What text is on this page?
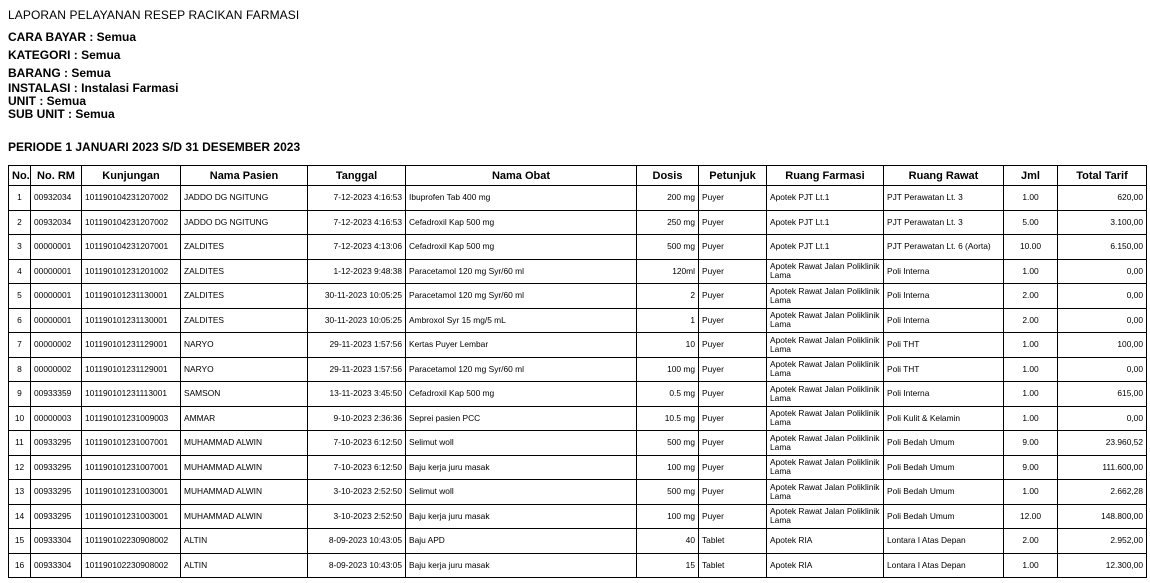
LAPORAN PELAYANAN RESEP RACIKAN FARMASI
CARA BAYAR : Semua
KATEGORI : Semua
BARANG : Semua
INSTALASI : Instalasi Farmasi
UNIT : Semua
SUB UNIT : Semua
PERIODE 1 JANUARI 2023 S/D 31 DESEMBER 2023
No.	No. RM	Kunjungan	Nama Pasien	Tanggal	Nama Obat	Dosis	Petunjuk	Ruang Farmasi	Ruang Rawat	Jml	Total Tarif
1	00932034	101190104231207002	JADDO DG NGITUNG	7-12-2023 4:16:53	Ibuprofen Tab 400 mg	200 mg	Puyer	Apotek PJT Lt.1	PJT Perawatan Lt. 3	1.00	620,00
2	00932034	101190104231207002	JADDO DG NGITUNG	7-12-2023 4:16:53	Cefadroxil Kap 500 mg	250 mg	Puyer	Apotek PJT Lt.1	PJT Perawatan Lt. 3	5.00	3.100,00
3	00000001	101190104231207001	ZALDITES	7-12-2023 4:13:06	Cefadroxil Kap 500 mg	500 mg	Puyer	Apotek PJT Lt.1	PJT Perawatan Lt. 6 (Aorta)	10.00	6.150,00
4	00000001	101190101231201002	ZALDITES	1-12-2023 9:48:38	Paracetamol 120 mg Syr/60 ml	120ml	Puyer	Apotek Rawat Jalan Poliklinik Lama	Poli Interna	1.00	0,00
5	00000001	101190101231130001	ZALDITES	30-11-2023 10:05:25	Paracetamol 120 mg Syr/60 ml	2	Puyer	Apotek Rawat Jalan Poliklinik Lama	Poli Interna	2.00	0,00
6	00000001	101190101231130001	ZALDITES	30-11-2023 10:05:25	Ambroxol Syr 15 mg/5 mL	1	Puyer	Apotek Rawat Jalan Poliklinik Lama	Poli Interna	2.00	0,00
7	00000002	101190101231129001	NARYO	29-11-2023 1:57:56	Kertas Puyer Lembar	10	Puyer	Apotek Rawat Jalan Poliklinik Lama	Poli THT	1.00	100,00
8	00000002	101190101231129001	NARYO	29-11-2023 1:57:56	Paracetamol 120 mg Syr/60 ml	100 mg	Puyer	Apotek Rawat Jalan Poliklinik Lama	Poli THT	1.00	0,00
9	00933359	101190101231113001	SAMSON	13-11-2023 3:45:50	Cefadroxil Kap 500 mg	0.5 mg	Puyer	Apotek Rawat Jalan Poliklinik Lama	Poli Interna	1.00	615,00
10	00000003	101190101231009003	AMMAR	9-10-2023 2:36:36	Seprei pasien PCC	10.5 mg	Puyer	Apotek Rawat Jalan Poliklinik Lama	Poli Kulit & Kelamin	1.00	0,00
11	00933295	101190101231007001	MUHAMMAD ALWIN	7-10-2023 6:12:50	Selimut woll	500 mg	Puyer	Apotek Rawat Jalan Poliklinik Lama	Poli Bedah Umum	9.00	23.960,52
12	00933295	101190101231007001	MUHAMMAD ALWIN	7-10-2023 6:12:50	Baju kerja juru masak	100 mg	Puyer	Apotek Rawat Jalan Poliklinik Lama	Poli Bedah Umum	9.00	111.600,00
13	00933295	101190101231003001	MUHAMMAD ALWIN	3-10-2023 2:52:50	Selimut woll	500 mg	Puyer	Apotek Rawat Jalan Poliklinik Lama	Poli Bedah Umum	1.00	2.662,28
14	00933295	101190101231003001	MUHAMMAD ALWIN	3-10-2023 2:52:50	Baju kerja juru masak	100 mg	Puyer	Apotek Rawat Jalan Poliklinik Lama	Poli Bedah Umum	12.00	148.800,00
15	00933304	101190102230908002	ALTIN	8-09-2023 10:43:05	Baju APD	40	Tablet	Apotek RIA	Lontara I Atas Depan	2.00	2.952,00
16	00933304	101190102230908002	ALTIN	8-09-2023 10:43:05	Baju kerja juru masak	15	Tablet	Apotek RIA	Lontara I Atas Depan	1.00	12.300,00
